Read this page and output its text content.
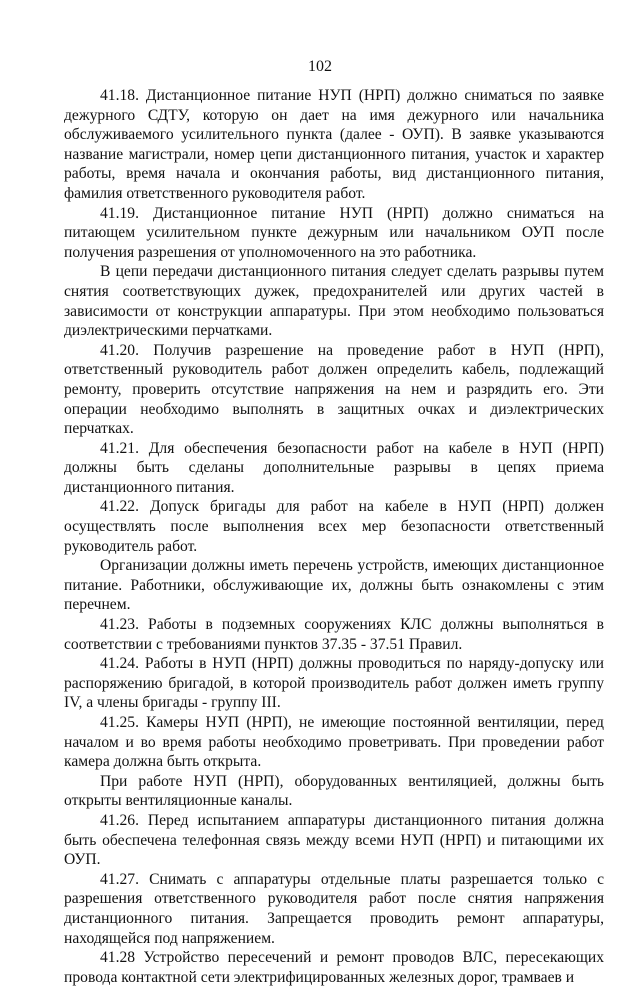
102

41.18. Дистанционное питание НУП (НРП) должно сниматься по заявке дежурного СДТУ, которую он дает на имя дежурного или начальника обслуживаемого усилительного пункта (далее - ОУП). В заявке указываются название магистрали, номер цепи дистанционного питания, участок и характер работы, время начала и окончания работы, вид дистанционного питания, фамилия ответственного руководителя работ.

41.19. Дистанционное питание НУП (НРП) должно сниматься на питающем усилительном пункте дежурным или начальником ОУП после получения разрешения от уполномоченного на это работника.

В цепи передачи дистанционного питания следует сделать разрывы путем снятия соответствующих дужек, предохранителей или других частей в зависимости от конструкции аппаратуры. При этом необходимо пользоваться диэлектрическими перчатками.

41.20. Получив разрешение на проведение работ в НУП (НРП), ответственный руководитель работ должен определить кабель, подлежащий ремонту, проверить отсутствие напряжения на нем и разрядить его. Эти операции необходимо выполнять в защитных очках и диэлектрических перчатках.

41.21. Для обеспечения безопасности работ на кабеле в НУП (НРП) должны быть сделаны дополнительные разрывы в цепях приема дистанционного питания.

41.22. Допуск бригады для работ на кабеле в НУП (НРП) должен осуществлять после выполнения всех мер безопасности ответственный руководитель работ.

Организации должны иметь перечень устройств, имеющих дистанционное питание. Работники, обслуживающие их, должны быть ознакомлены с этим перечнем.

41.23. Работы в подземных сооружениях КЛС должны выполняться в соответствии с требованиями пунктов 37.35 - 37.51 Правил.

41.24. Работы в НУП (НРП) должны проводиться по наряду-допуску или распоряжению бригадой, в которой производитель работ должен иметь группу IV, а члены бригады - группу III.

41.25. Камеры НУП (НРП), не имеющие постоянной вентиляции, перед началом и во время работы необходимо проветривать. При проведении работ камера должна быть открыта.

При работе НУП (НРП), оборудованных вентиляцией, должны быть открыты вентиляционные каналы.

41.26. Перед испытанием аппаратуры дистанционного питания должна быть обеспечена телефонная связь между всеми НУП (НРП) и питающими их ОУП.

41.27. Снимать с аппаратуры отдельные платы разрешается только с разрешения ответственного руководителя работ после снятия напряжения дистанционного питания. Запрещается проводить ремонт аппаратуры, находящейся под напряжением.

41.28 Устройство пересечений и ремонт проводов ВЛС, пересекающих провода контактной сети электрифицированных железных дорог, трамваев и
